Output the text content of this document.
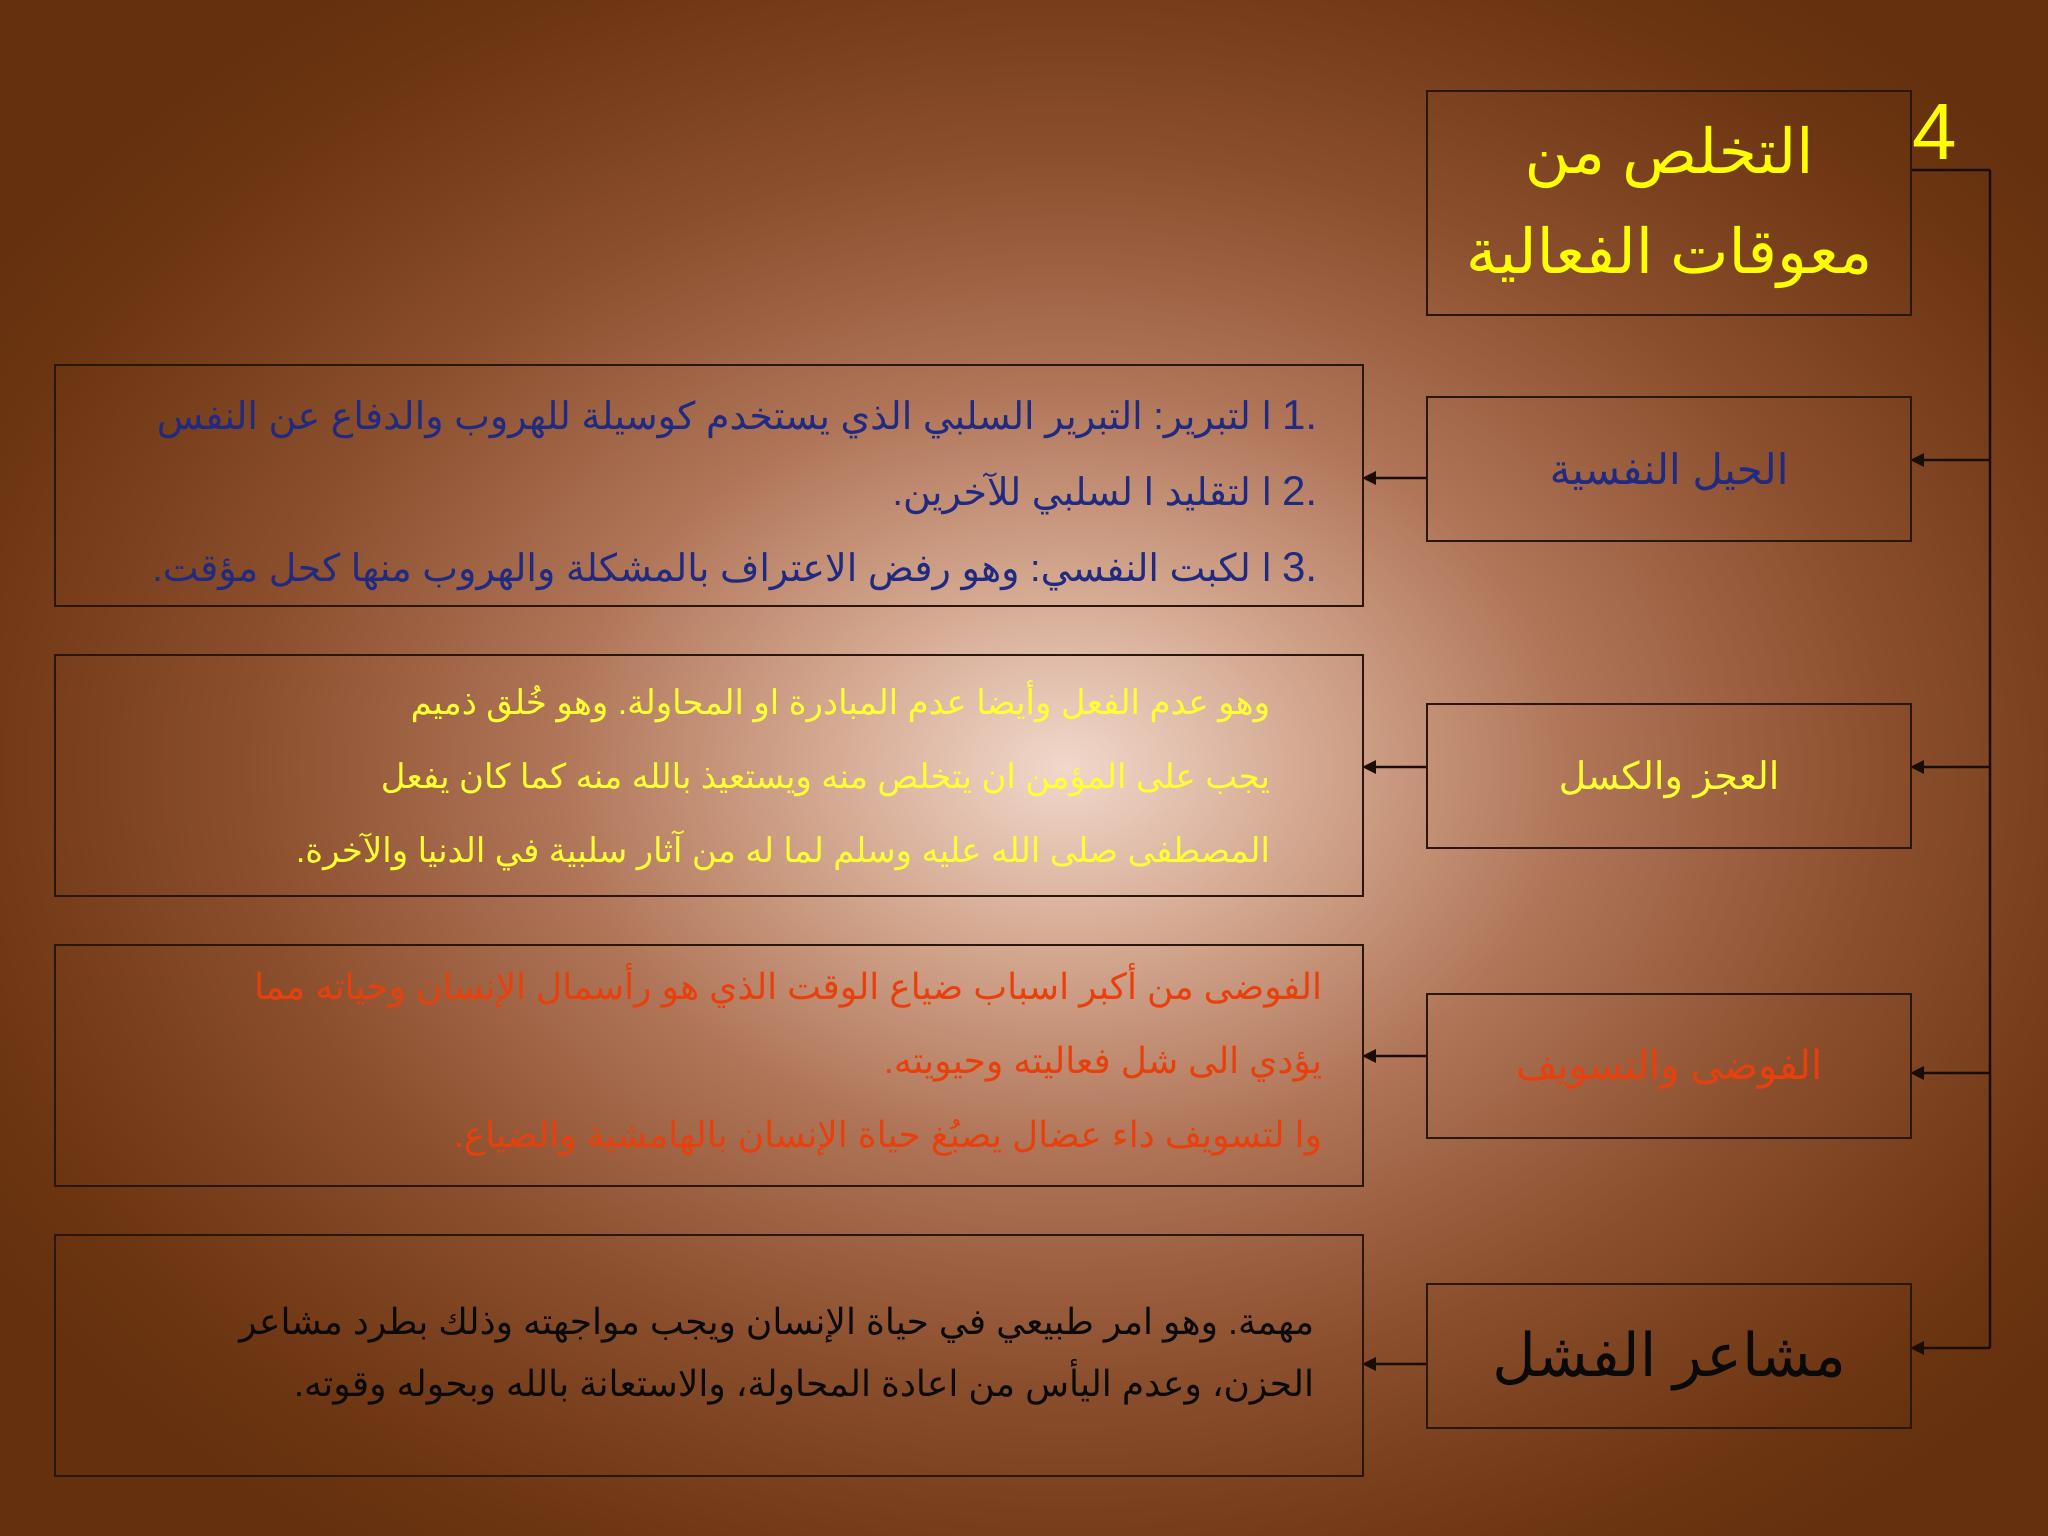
4
التخلص من
معوقات الفعالية
الحيل النفسية

1.
ا لتبرير: التبرير السلبي الذي يستخدم كوسيلة للهروب والدفاع عن النفس

2.
ا لتقليد ا لسلبي للآخرين.

3.
ا لكبت النفسي: وهو رفض الاعتراف بالمشكلة والهروب منها كحل مؤقت.

العجز والكسل

وهو عدم الفعل وأيضا عدم المبادرة او المحاولة. وهو خُلق ذميم

يجب على المؤمن ان يتخلص منه ويستعيذ بالله منه كما كان يفعل

المصطفى صلى الله عليه وسلم لما له من آثار سلبية في الدنيا والآخرة.

الفوضى والتسويف

الفوضى من أكبر اسباب ضياع الوقت الذي هو رأسمال الإنسان وحياته مما

يؤدي الى شل فعاليته وحيويته.

وا لتسويف داء عضال يصبُغ حياة الإنسان بالهامشية والضياع.

مشاعر الفشل

مهمة. وهو امر طبيعي في حياة الإنسان ويجب مواجهته وذلك بطرد مشاعر

الحزن، وعدم اليأس من اعادة المحاولة، والاستعانة بالله وبحوله وقوته.
